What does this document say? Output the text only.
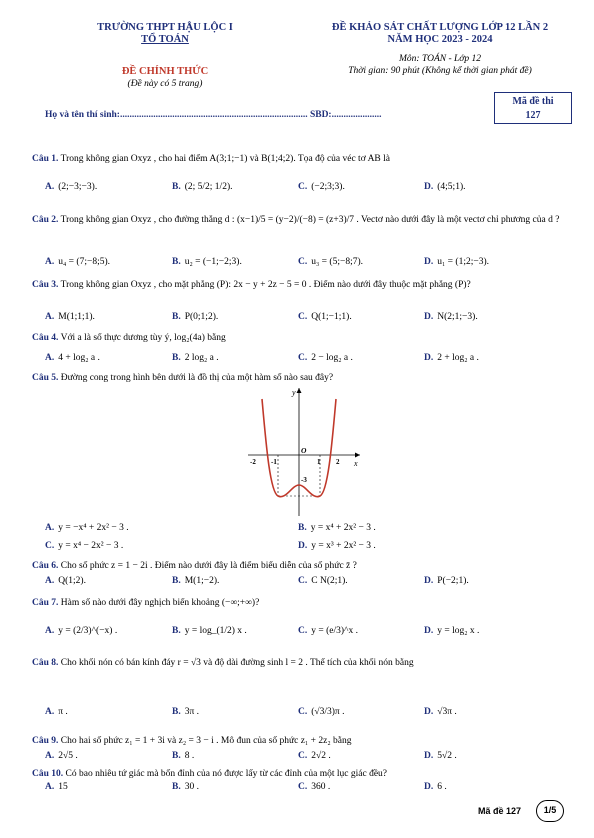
TRƯỜNG THPT HẬU LỘC I
TỔ TOÁN
ĐỀ CHÍNH THỨC
(Đề này có 5 trang)
ĐỀ KHẢO SÁT CHẤT LƯỢNG LỚP 12 LẦN 2
NĂM HỌC 2023 - 2024
Môn: TOÁN - Lớp 12
Thời gian: 90 phút (Không kể thời gian phát đề)
Họ và tên thí sinh:............................................................................... SBD:.....................
Mã đề thi
127
Câu 1. Trong không gian Oxyz , cho hai điểm A(3;1;−1) và B(1;4;2). Tọa độ của véc tơ AB là
A. (2;−3;−3).	B. (2; 5/2; 1/2).	C. (−2;3;3).	D. (4;5;1).
Câu 2. Trong không gian Oxyz , cho đường thẳng d : (x−1)/5 = (y−2)/(−8) = (z+3)/7 . Vectơ nào dưới đây là một vectơ chỉ phương của d ?
A. u₄ = (7;−8;5).	B. u₂ = (−1;−2;3).	C. u₃ = (5;−8;7).	D. u₁ = (1;2;−3).
Câu 3. Trong không gian Oxyz , cho mặt phẳng (P): 2x − y + 2z − 5 = 0 . Điểm nào dưới đây thuộc mặt phẳng (P)?
A. M(1;1;1).	B. P(0;1;2).	C. Q(1;−1;1).	D. N(2;1;−3).
Câu 4. Với a là số thực dương tùy ý, log₂(4a) bằng
A. 4 + log₂ a .	B. 2 log₂ a .	C. 2 − log₂ a .	D. 2 + log₂ a .
Câu 5. Đường cong trong hình bên dưới là đồ thị của một hàm số nào sau đây?
y
x
O
-2 -1	1 2
-3
A. y = −x⁴ + 2x² − 3 .	B. y = x⁴ + 2x² − 3 .
C. y = x⁴ − 2x² − 3 .	D. y = x³ + 2x² − 3 .
Câu 6. Cho số phức z = 1 − 2i . Điểm nào dưới đây là điểm biểu diễn của số phức z̄ ?
A. Q(1;2).	B. M(1;−2).	C. C N(2;1).	D. P(−2;1).
Câu 7. Hàm số nào dưới đây nghịch biến khoảng (−∞;+∞)?
A. y = (2/3)^(−x) .	B. y = log_(1/2) x .	C. y = (e/3)^x .	D. y = log₂ x .
Câu 8. Cho khối nón có bán kính đáy r = √3 và độ dài đường sinh l = 2 . Thể tích của khối nón bằng
A. π .	B. 3π .	C. (√3/3)π .	D. √3π .
Câu 9. Cho hai số phức z₁ = 1 + 3i và z₂ = 3 − i . Mô đun của số phức z₁ + 2z₂ bằng
A. 2√5 .	B. 8 .	C. 2√2 .	D. 5√2 .
Câu 10. Có bao nhiêu tứ giác mà bốn đỉnh của nó được lấy từ các đỉnh của một lục giác đều?
A. 15	B. 30 .	C. 360 .	D. 6 .
Mã đề 127	1/5
